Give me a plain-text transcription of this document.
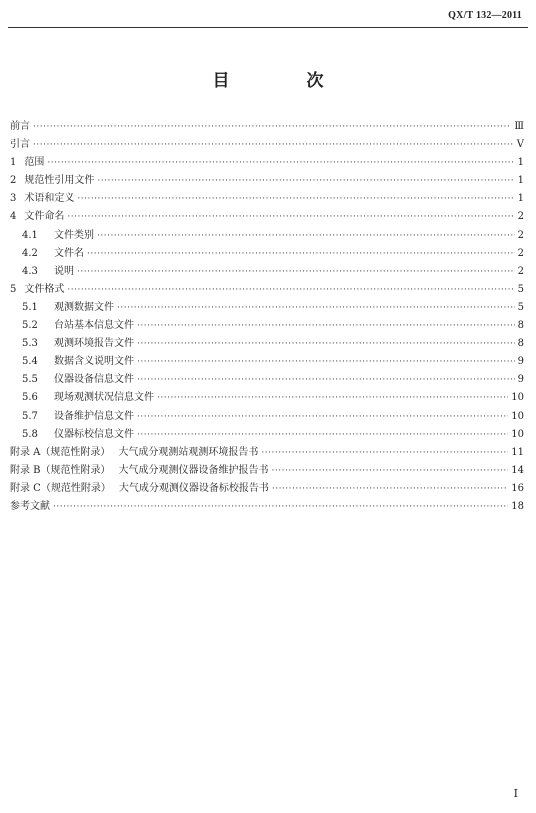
QX/T 132—2011
目　次
前言 ·····	Ⅲ
引言 ·····	Ⅴ
1 范围 ·····	1
2 规范性引用文件 ·····	1
3 术语和定义 ·····	1
4 文件命名 ·····	2
4.1	文件类别 ·····	2
4.2	文件名 ·····	2
4.3	说明 ·····	2
5 文件格式 ·····	5
5.1	观测数据文件 ·····	5
5.2	台站基本信息文件 ·····	8
5.3	观测环境报告文件 ·····	8
5.4	数据含义说明文件 ·····	9
5.5	仪器设备信息文件 ·····	9
5.6	现场观测状况信息文件 ·····	10
5.7	设备维护信息文件 ·····	10
5.8	仪器标校信息文件 ·····	10
附录 A（规范性附录） 大气成分观测站观测环境报告书 ·····	11
附录 B（规范性附录） 大气成分观测仪器设备维护报告书 ·····	14
附录 C（规范性附录） 大气成分观测仪器设备标校报告书 ·····	16
参考文献 ·····	18
Ⅰ
